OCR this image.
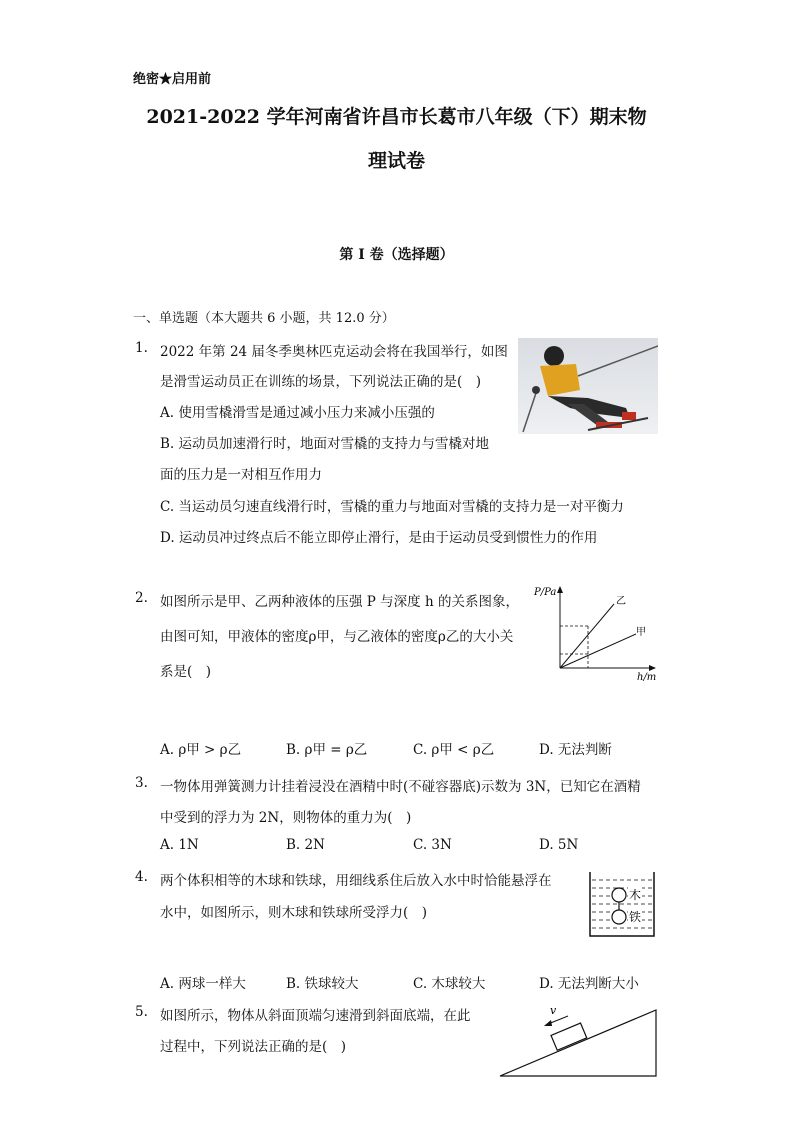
绝密★启用前
2021-2022 学年河南省许昌市长葛市八年级（下）期末物
理试卷
第 I 卷（选择题）
一、单选题（本大题共 6 小题，共 12.0 分）
1. 2022 年第 24 届冬季奥林匹克运动会将在我国举行，如图
是滑雪运动员正在训练的场景，下列说法正确的是(　)
A. 使用雪橇滑雪是通过减小压力来减小压强的
B. 运动员加速滑行时，地面对雪橇的支持力与雪橇对地
面的压力是一对相互作用力
C. 当运动员匀速直线滑行时，雪橇的重力与地面对雪橇的支持力是一对平衡力
D. 运动员冲过终点后不能立即停止滑行，是由于运动员受到惯性力的作用
2. 如图所示是甲、乙两种液体的压强 P 与深度 h 的关系图象，
由图可知，甲液体的密度ρ甲，与乙液体的密度ρ乙的大小关
系是(　)
P/Pa
h/m
乙
甲
A. ρ甲 > ρ乙	B. ρ甲 = ρ乙	C. ρ甲 < ρ乙	D. 无法判断
3. 一物体用弹簧测力计挂着浸没在酒精中时(不碰容器底)示数为 3N，已知它在酒精
中受到的浮力为 2N，则物体的重力为(　)
A. 1N	B. 2N	C. 3N	D. 5N
4. 两个体积相等的木球和铁球，用细线系住后放入水中时恰能悬浮在
水中，如图所示，则木球和铁球所受浮力(　)
木
铁
A. 两球一样大	B. 铁球较大	C. 木球较大	D. 无法判断大小
5. 如图所示，物体从斜面顶端匀速滑到斜面底端，在此
过程中，下列说法正确的是(　)
v
